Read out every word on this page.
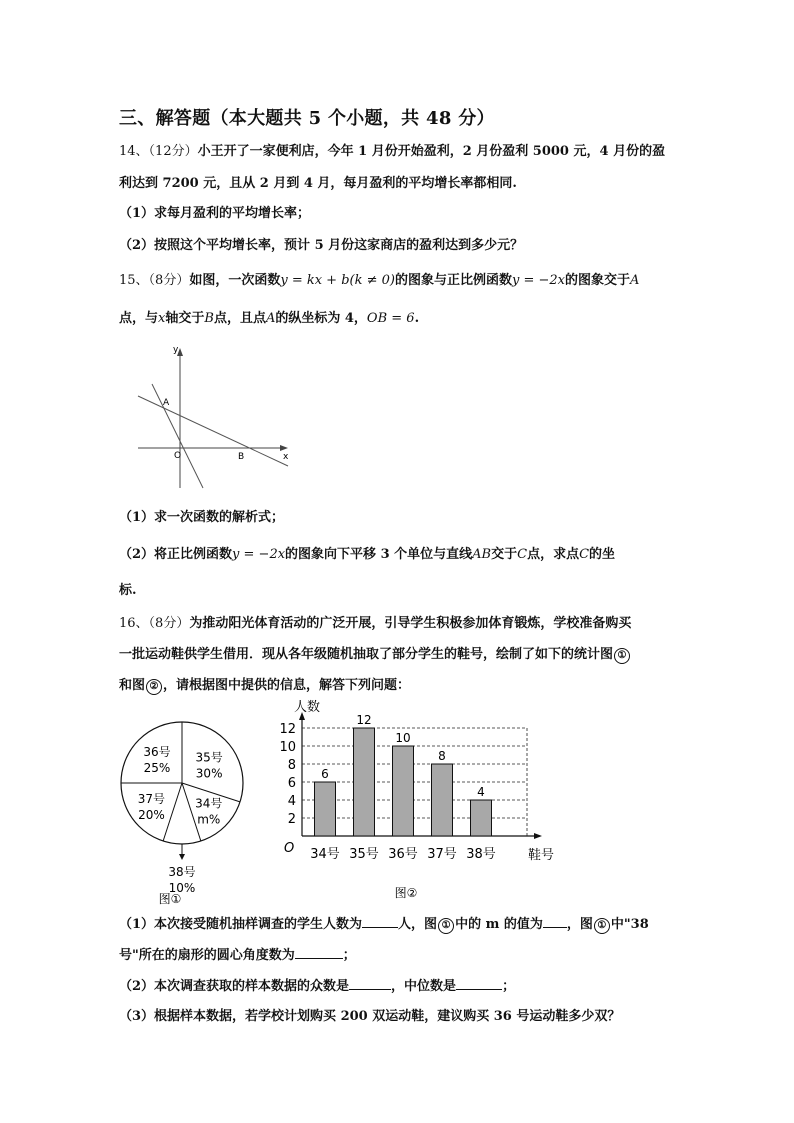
三、解答题（本大题共 5 个小题，共 48 分）
14、（12分）小王开了一家便利店，今年 1 月份开始盈利，2 月份盈利 5000 元，4 月份的盈
利达到 7200 元，且从 2 月到 4 月，每月盈利的平均增长率都相同.
（1）求每月盈利的平均增长率；
（2）按照这个平均增长率，预计 5 月份这家商店的盈利达到多少元？
15、（8分）如图，一次函数y = kx + b(k ≠ 0)的图象与正比例函数y = −2x的图象交于A
点，与x轴交于B点，且点A的纵坐标为 4，OB = 6.
y
x
A
O	B
（1）求一次函数的解析式；
（2）将正比例函数y = −2x的图象向下平移 3 个单位与直线AB交于C点，求点C的坐
标.
16、（8分）为推动阳光体育活动的广泛开展，引导学生积极参加体育锻炼，学校准备购买
一批运动鞋供学生借用．现从各年级随机抽取了部分学生的鞋号，绘制了如下的统计图 ①
和图 ② ，请根据图中提供的信息，解答下列问题：
35号
30%
34号
m%
38号
10%
37号
20%
36号
25%
图①
人数
鞋号
O
2
4
6
8
10
12
6
34号
12
35号
10
36号
8
37号
4
38号
图②
（1）本次接受随机抽样调查的学生人数为	人，图 ① 中的 m 的值为 ，图 ① 中"38
号"所在的扇形的圆心角度数为	；
（2）本次调查获取的样本数据的众数是	，中位数是	；
（3）根据样本数据，若学校计划购买 200 双运动鞋，建议购买 36 号运动鞋多少双？
